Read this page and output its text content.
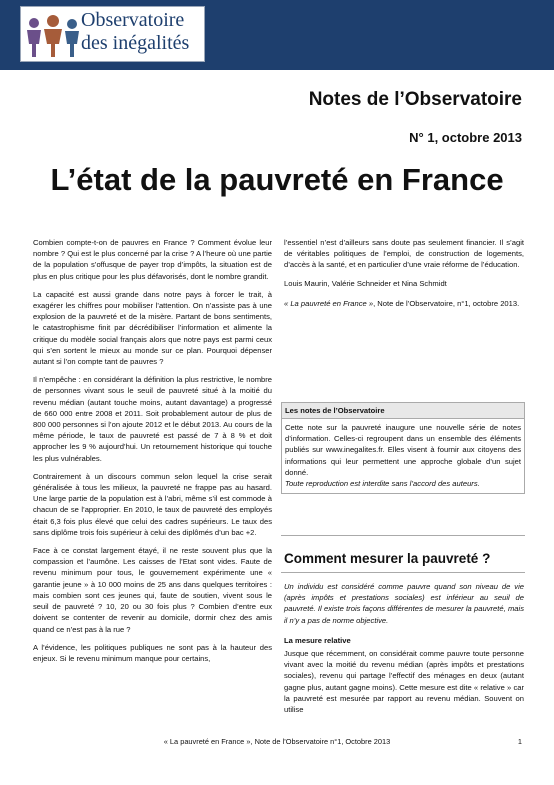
Observatoire
des inégalités
Notes de l’Observatoire
N° 1, octobre 2013
L’état de la pauvreté en France

Combien compte-t-on de pauvres en France ? Comment évolue leur nombre ? Qui est le plus concerné par la crise ? A l’heure où une partie de la population s’offusque de payer trop d’impôts, la situation est de plus en plus critique pour les plus défavorisés, dont le nombre grandit.

La capacité est aussi grande dans notre pays à forcer le trait, à exagérer les chiffres pour mobiliser l’attention. On n’assiste pas à une explosion de la pauvreté et de la misère. Partant de bons sentiments, le catastrophisme finit par décrédibiliser l’information et alimente la critique du modèle social français alors que notre pays est parmi ceux qui s’en sortent le mieux au monde sur ce plan. Pourquoi dépenser autant si l’on compte tant de pauvres ?

Il n’empêche : en considérant la définition la plus restrictive, le nombre de personnes vivant sous le seuil de pauvreté situé à la moitié du revenu médian (autant touche moins, autant davantage) a progressé de 660 000 entre 2008 et 2011. Soit probablement autour de plus de 800 000 personnes si l’on ajoute 2012 et le début 2013. Au cours de la même période, le taux de pauvreté est passé de 7 à 8 % et doit approcher les 9 % aujourd’hui. Un retournement historique qui touche les plus vulnérables.

Contrairement à un discours commun selon lequel la crise serait généralisée à tous les milieux, la pauvreté ne frappe pas au hasard. Une large partie de la population est à l’abri, même s’il est commode à chacun de se l’approprier. En 2010, le taux de pauvreté des employés était 6,3 fois plus élevé que celui des cadres supérieurs. Le taux des sans diplôme trois fois supérieur à celui des diplômés d’un bac +2.

Face à ce constat largement étayé, il ne reste souvent plus que la compassion et l’aumône. Les caisses de l’Etat sont vides. Faute de revenu minimum pour tous, le gouvernement expérimente une « garantie jeune » à 10 000 moins de 25 ans dans quelques territoires : mais combien sont ces jeunes qui, faute de soutien, vivent sous le seuil de pauvreté ? 10, 20 ou 30 fois plus ? Combien d’entre eux doivent se contenter de revenir au domicile, dormir chez des amis quand ce n’est pas à la rue ?

A l’évidence, les politiques publiques ne sont pas à la hauteur des enjeux. Si le revenu minimum manque pour certains,

l’essentiel n’est d’ailleurs sans doute pas seulement financier. Il s’agit de véritables politiques de l’emploi, de construction de logements, d’accès à la santé, et en particulier d’une vraie réforme de l’éducation.

Louis Maurin, Valérie Schneider et Nina Schmidt

« La pauvreté en France », Note de l’Observatoire, n°1, octobre 2013.

Les notes de l’Observatoire
Cette note sur la pauvreté inaugure une nouvelle série de notes d’information. Celles-ci regroupent dans un ensemble des éléments publiés sur www.inegalites.fr. Elles visent à fournir aux citoyens des informations qui leur permettent une approche globale d’un sujet donné.
Toute reproduction est interdite sans l’accord des auteurs.
Comment mesurer la pauvreté ?

Un individu est considéré comme pauvre quand son niveau de vie (après impôts et prestations sociales) est inférieur au seuil de pauvreté. Il existe trois façons différentes de mesurer la pauvreté, mais il n’y a pas de norme objective.

La mesure relative

Jusque que récemment, on considérait comme pauvre toute personne vivant avec la moitié du revenu médian (après impôts et prestations sociales), revenu qui partage l’effectif des ménages en deux (autant gagne plus, autant gagne moins). Cette mesure est dite « relative » car la pauvreté est mesurée par rapport au revenu médian. Souvent on utilise

« La pauvreté en France », Note de l’Observatoire n°1, Octobre 2013	1
